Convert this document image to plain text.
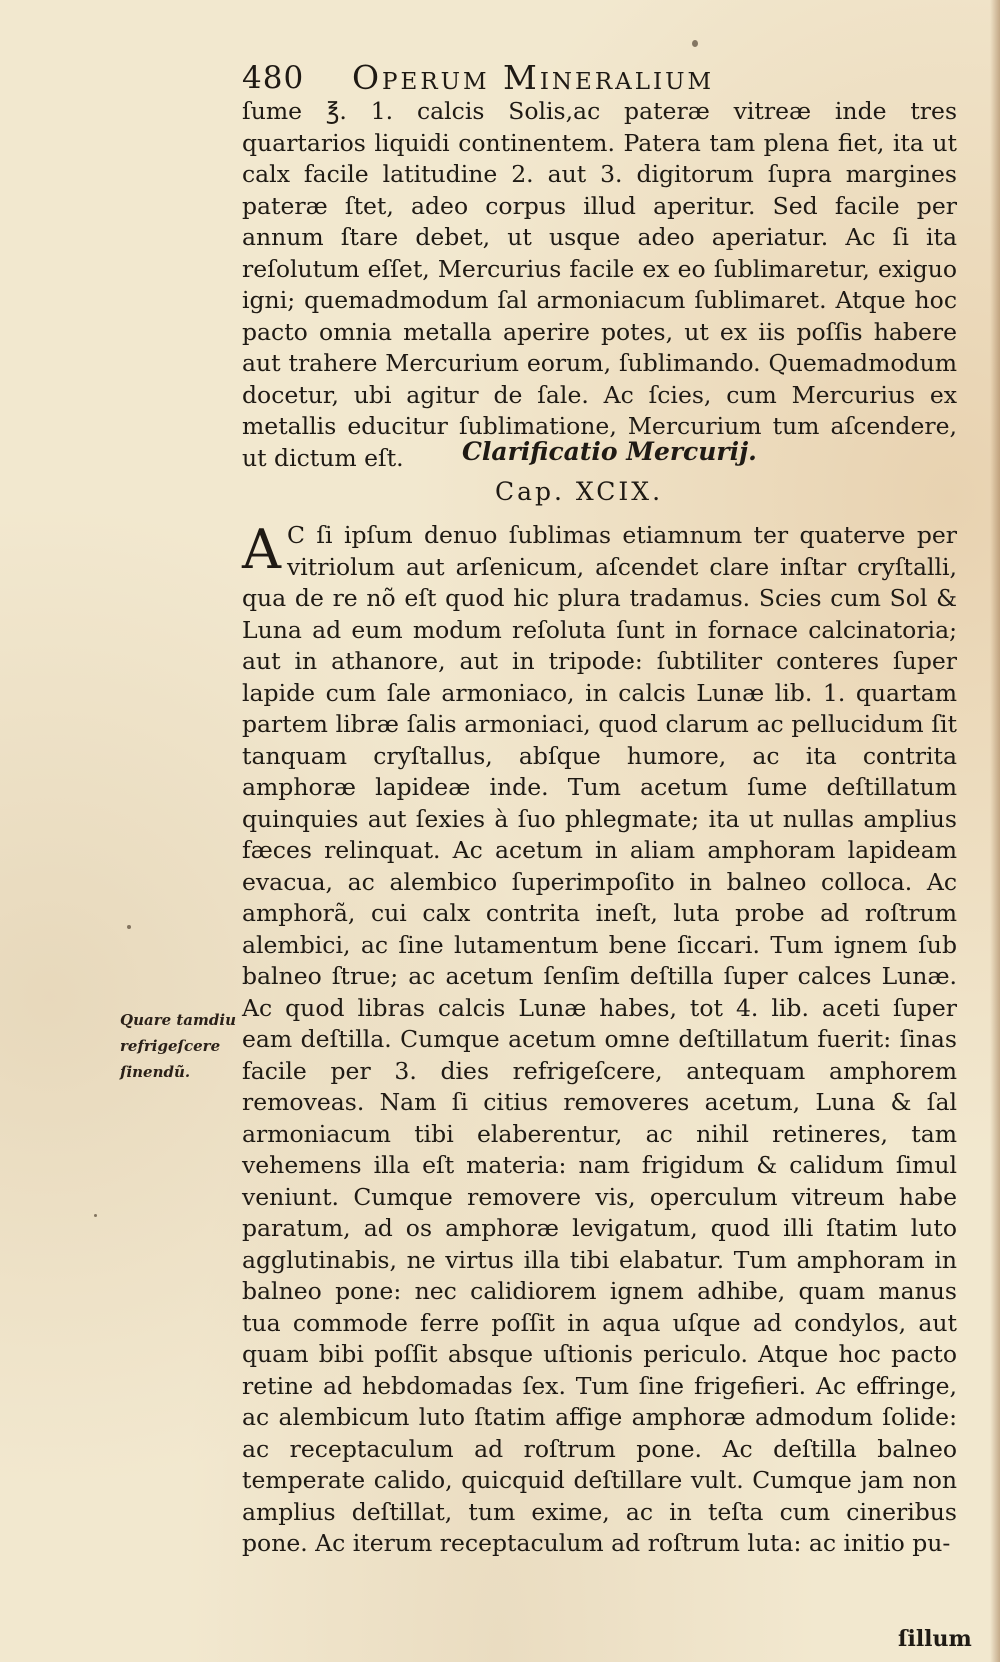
480 Operum Mineralium

ſume ℥. 1. calcis Solis,ac pateræ vitreæ inde tres quartarios liquidi continentem. Patera tam plena fiet, ita ut calx facile latitudine 2. aut 3. digitorum ſupra margines pateræ ſtet, adeo corpus illud aperitur. Sed facile per annum ſtare debet, ut usque adeo aperiatur. Ac ſi ita reſolutum eſſet, Mercurius facile ex eo ſublimaretur, exiguo igni; quemadmodum ſal armoniacum ſublimaret. Atque hoc pacto omnia metalla aperire potes, ut ex iis poſſis habere aut trahere Mercurium eorum, ſublimando. Quemadmodum docetur, ubi agitur de ſale. Ac ſcies, cum Mercurius ex metallis educitur ſublimatione, Mercurium tum aſcendere, ut dictum eſt.	Clarificatio Mercurij.
Cap. XCIX.
A C ſi ipſum denuo ſublimas etiamnum ter quaterve per vitriolum aut arſenicum, aſcendet clare inſtar cryſtalli, qua de re nõ eſt quod hic plura tradamus. Scies cum Sol & Luna ad eum modum reſoluta ſunt in fornace calcinatoria; aut in athanore, aut in tripode: ſubtiliter conteres ſuper lapide cum ſale armoniaco, in calcis Lunæ lib. 1. quartam partem libræ ſalis armoniaci, quod clarum ac pellucidum ſit tanquam cryſtallus, abſque humore, ac ita contrita amphoræ lapideæ inde. Tum acetum ſume deſtillatum quinquies aut ſexies à ſuo phlegmate; ita ut nullas amplius fæces relinquat. Ac acetum in aliam amphoram lapideam evacua, ac alembico ſuperimpoſito in balneo colloca. Ac amphorã, cui calx contrita ineſt, luta probe ad roſtrum alembici, ac ſine lutamentum bene ſiccari. Tum ignem ſub balneo ſtrue; ac acetum ſenſim deſtilla ſuper calces Lunæ. Ac quod libras calcis Lunæ habes, tot 4. lib. aceti ſuper eam deſtilla. Cumque acetum omne deſtillatum fuerit: ſinas facile per 3. dies refrigeſcere, antequam amphorem removeas. Nam ſi citius removeres acetum, Luna & ſal armoniacum tibi elaberentur, ac nihil retineres, tam vehemens illa eſt materia: nam frigidum & calidum ſimul veniunt. Cumque removere vis, operculum vitreum habe paratum, ad os amphoræ levigatum, quod illi ſtatim luto agglutinabis, ne virtus illa tibi elabatur. Tum amphoram in balneo pone: nec calidiorem ignem adhibe, quam manus tua commode ferre poſſit in aqua uſque ad condylos, aut quam bibi poſſit absque uſtionis periculo. Atque hoc pacto retine ad hebdomadas ſex. Tum ſine frigefieri. Ac effringe, ac alembicum luto ſtatim affige amphoræ admodum ſolide: ac receptaculum ad roſtrum pone. Ac deſtilla balneo temperate calido, quicquid deſtillare vult. Cumque jam non amplius deſtillat, tum exime, ac in teſta cum cineribus pone. Ac iterum receptaculum ad roſtrum luta: ac initio pu-
Quare tamdiu refrigeſcere ſinendũ.
ſillum
